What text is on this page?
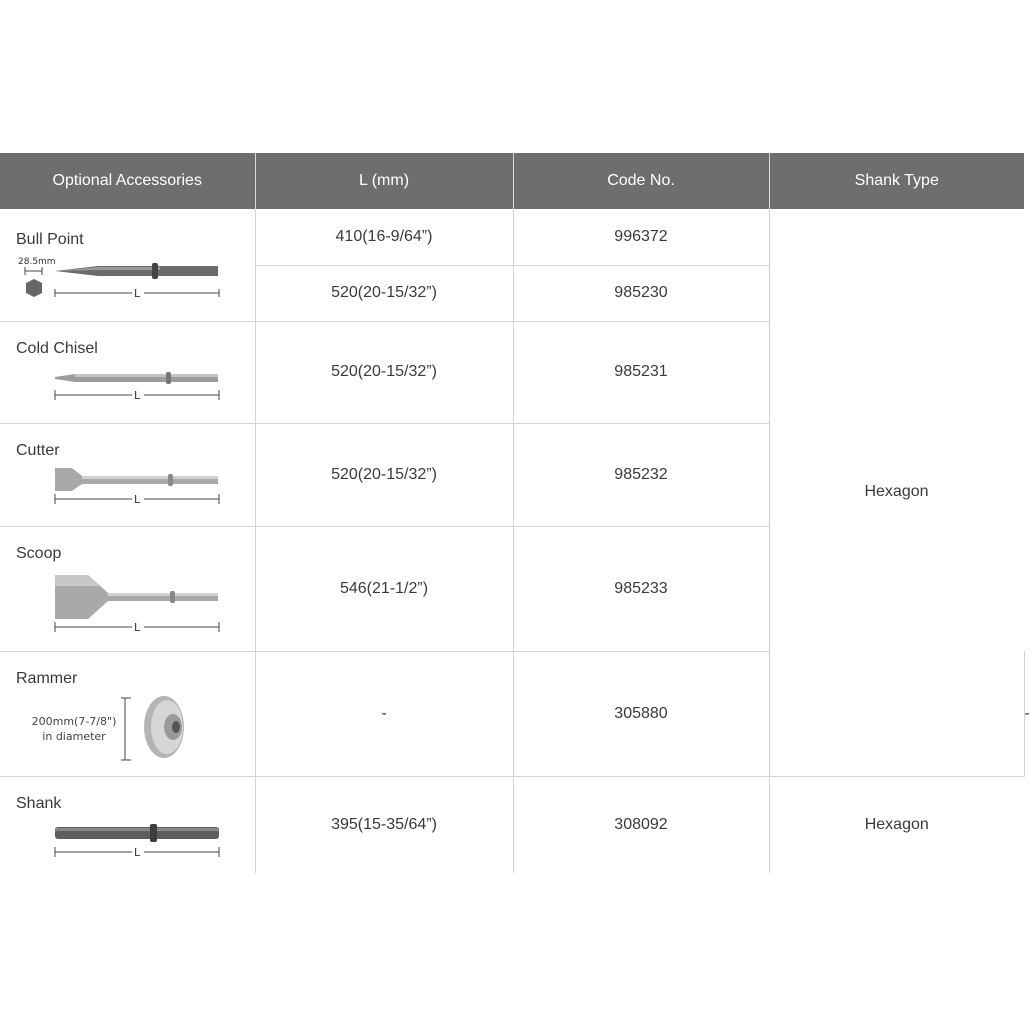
Optional Accessories	L (mm)	Code No.	Shank Type	

Bull Point
28.5mm
L	410(16-9/64”)	996372	Hexagon	
	520(20-15/32”)	985230		

Cold Chisel
L	520(20-15/32”)	985231		

Cutter
L	520(20-15/32”)	985232		

Scoop
L	546(21-1/2”)	985233		

Rammer
200mm(7-7/8")
in diameter	-	305880		-

Shank
L	395(15-35/64”)	308092	Hexagon	
